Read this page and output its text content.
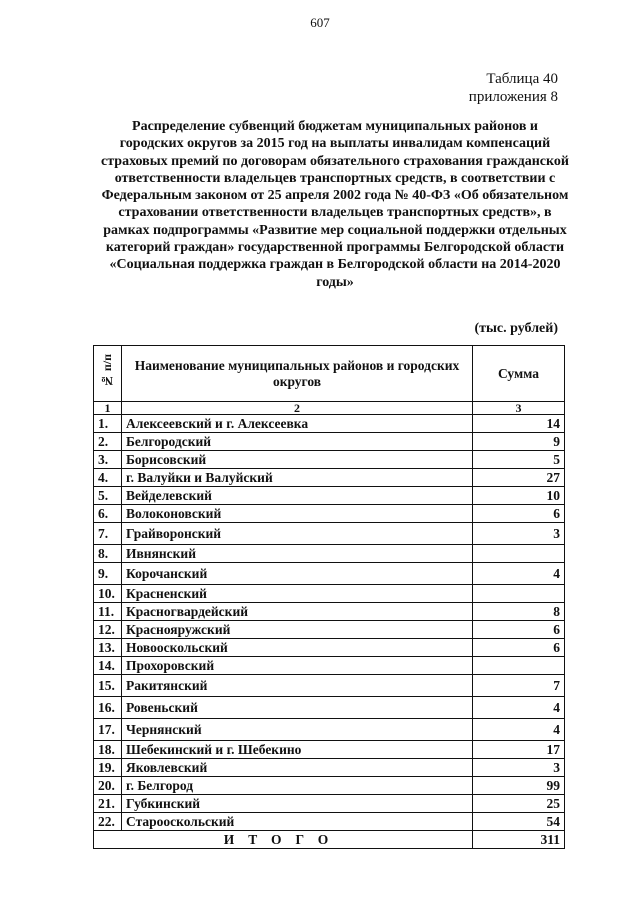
607
Таблица 40
приложения 8
Распределение субвенций бюджетам муниципальных районов и городских округов за 2015 год на выплаты инвалидам компенсаций страховых премий по договорам обязательного страхования гражданской ответственности владельцев транспортных средств, в соответствии с Федеральным законом от 25 апреля 2002 года № 40-ФЗ «Об обязательном страховании ответственности владельцев транспортных средств», в рамках подпрограммы «Развитие мер социальной поддержки отдельных категорий граждан» государственной программы Белгородской области «Социальная поддержка граждан в Белгородской области на 2014-2020 годы»
(тыс. рублей)
№ п/п	Наименование муниципальных районов и городских округов	Сумма
1	2	3
1.	Алексеевский и г. Алексеевка	14
2.	Белгородский	9
3.	Борисовский	5
4.	г. Валуйки и Валуйский	27
5.	Вейделевский	10
6.	Волоконовский	6
7.	Грайворонский	3
8.	Ивнянский	
9.	Корочанский	4
10.	Красненский	
11.	Красногвардейский	8
12.	Краснояружский	6
13.	Новооскольский	6
14.	Прохоровский	
15.	Ракитянский	7
16.	Ровеньский	4
17.	Чернянский	4
18.	Шебекинский и г. Шебекино	17
19.	Яковлевский	3
20.	г. Белгород	99
21.	Губкинский	25
22.	Старооскольский	54
ИТОГО		311
